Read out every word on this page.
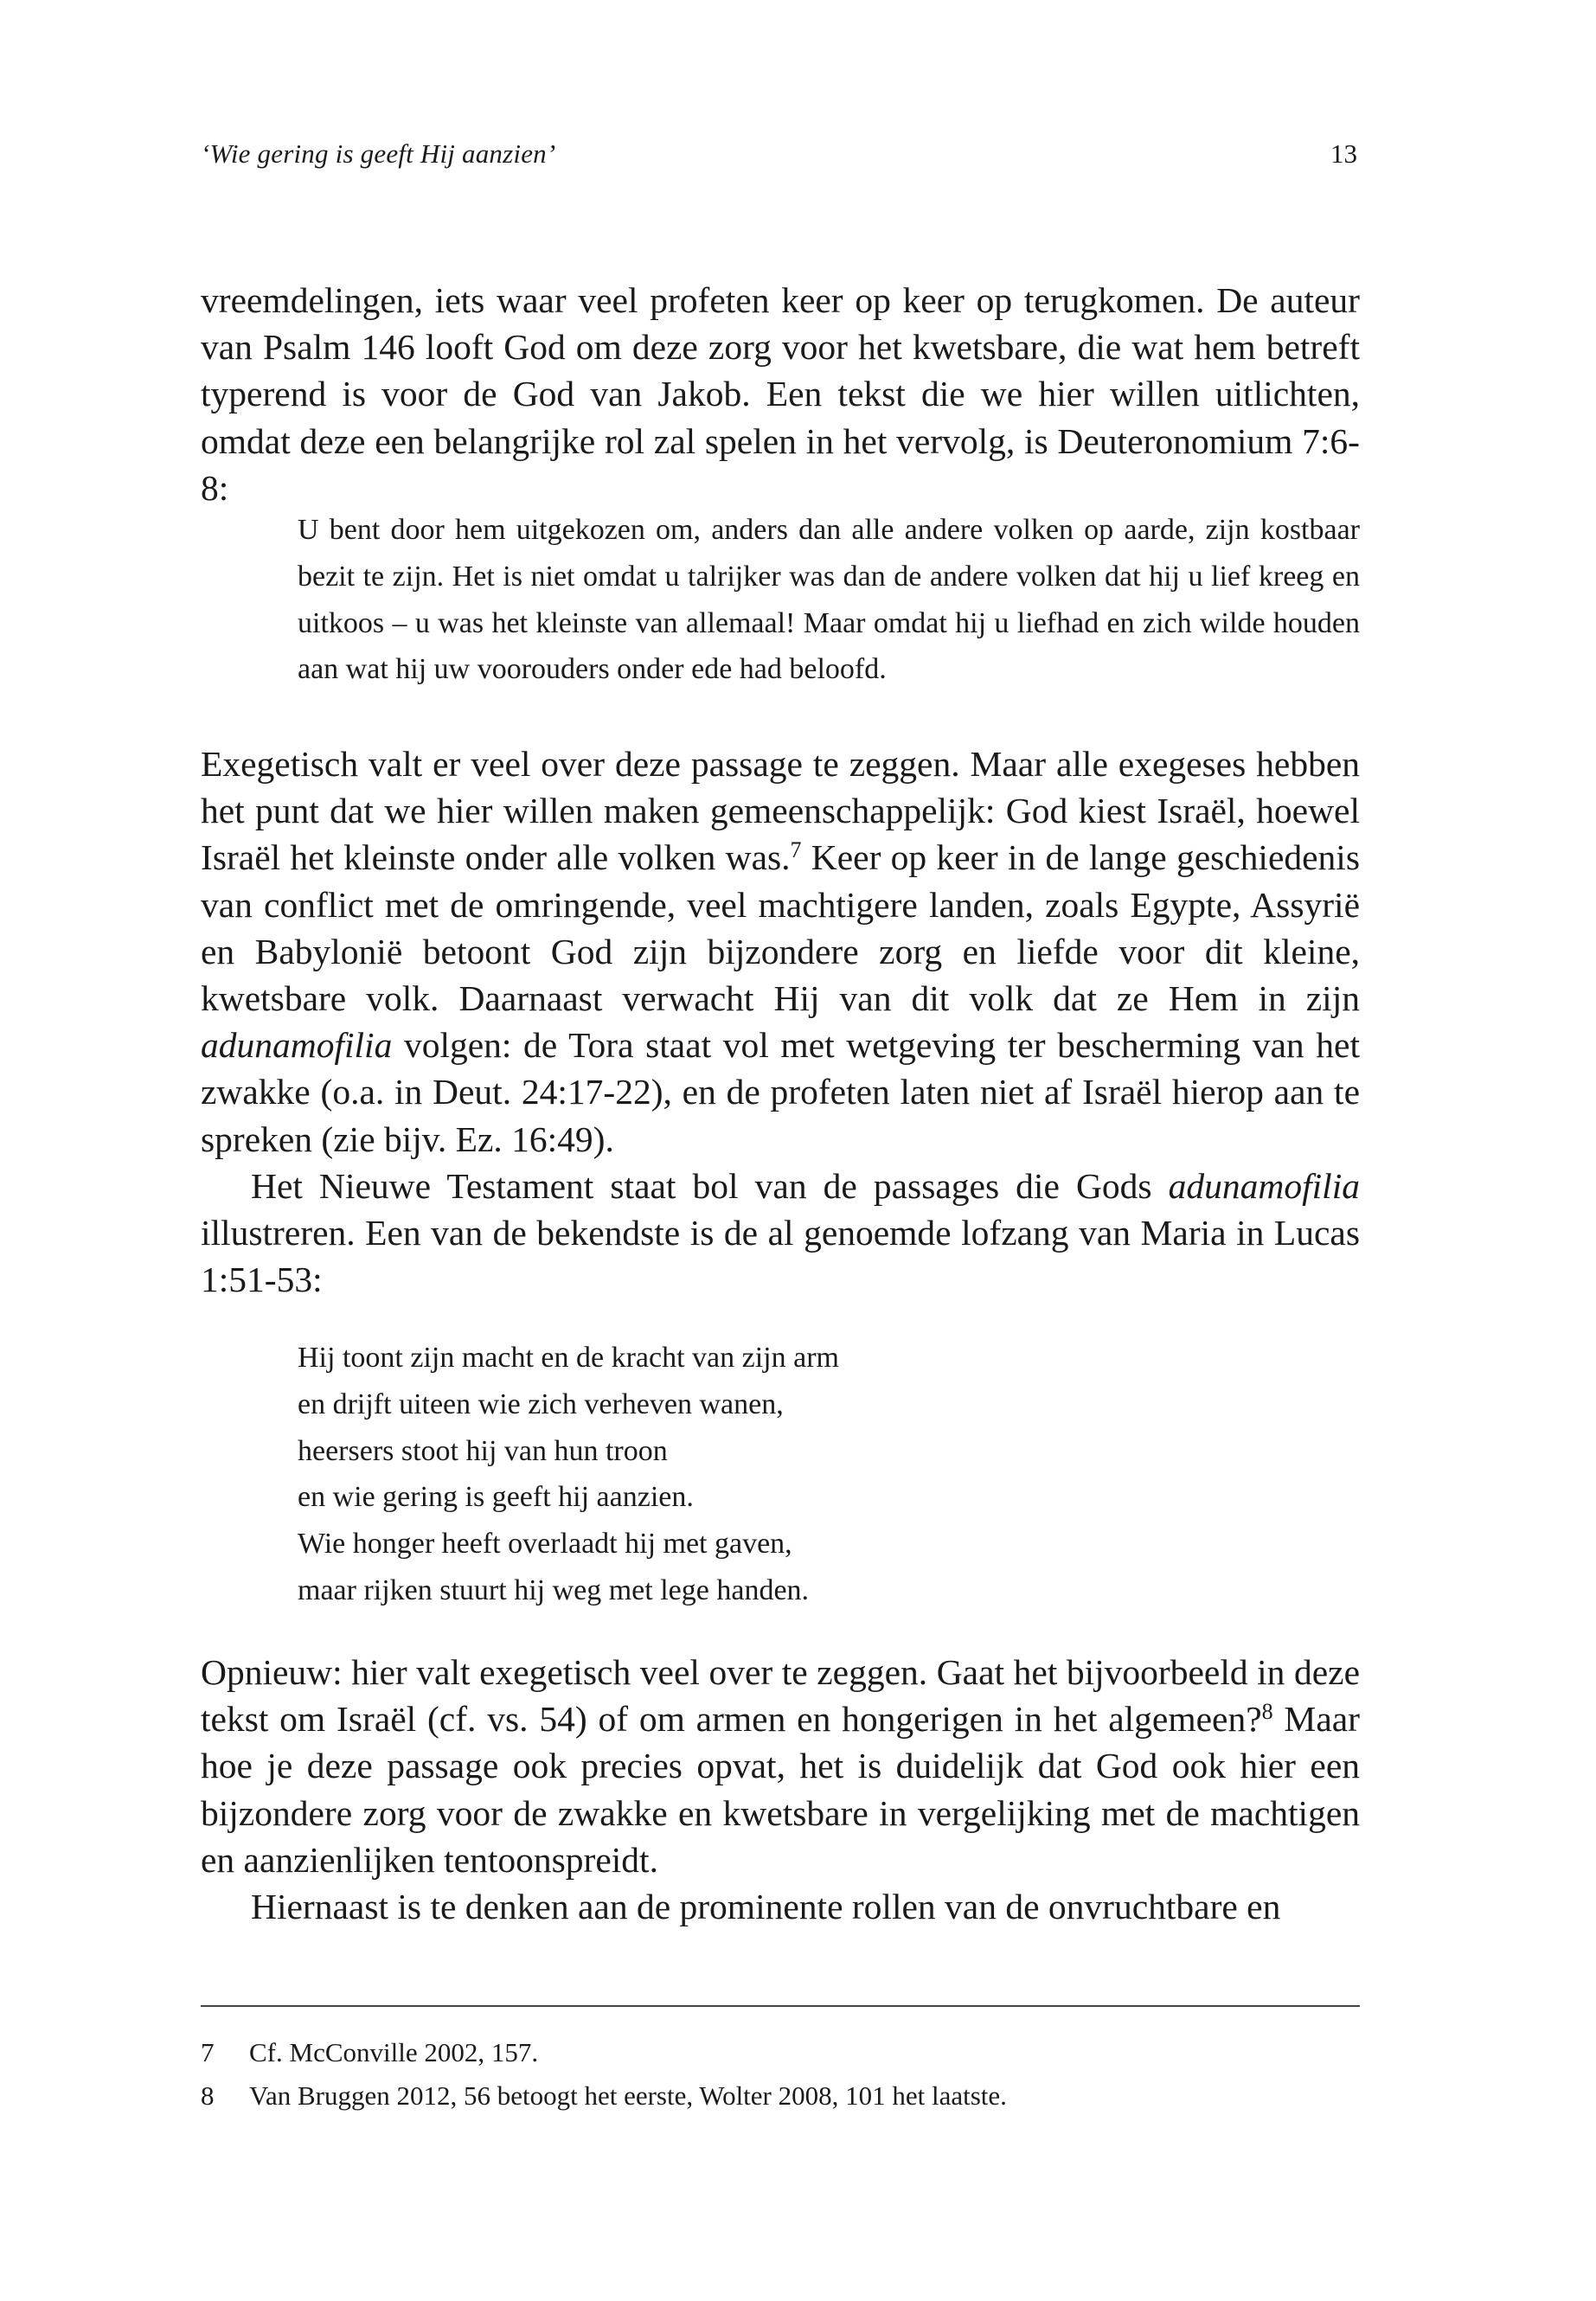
‘Wie gering is geeft Hij aanzien’	13

vreemdelingen, iets waar veel profeten keer op keer op terugkomen. De auteur van Psalm 146 looft God om deze zorg voor het kwetsbare, die wat hem betreft typerend is voor de God van Jakob. Een tekst die we hier willen uitlichten, omdat deze een belangrijke rol zal spelen in het vervolg, is Deuteronomium 7:6-8:

U bent door hem uitgekozen om, anders dan alle andere volken op aarde, zijn kostbaar bezit te zijn. Het is niet omdat u talrijker was dan de andere volken dat hij u lief kreeg en uitkoos – u was het kleinste van allemaal! Maar omdat hij u liefhad en zich wilde houden aan wat hij uw voorouders onder ede had beloofd.

Exegetisch valt er veel over deze passage te zeggen. Maar alle exegeses hebben het punt dat we hier willen maken gemeenschappelijk: God kiest Israël, hoewel Israël het kleinste onder alle volken was.$^7$ Keer op keer in de lange geschiedenis van conflict met de omringende, veel machtigere landen, zoals Egypte, Assyrië en Babylonië betoont God zijn bijzondere zorg en liefde voor dit kleine, kwetsbare volk. Daarnaast verwacht Hij van dit volk dat ze Hem in zijn adunamofilia volgen: de Tora staat vol met wetgeving ter bescherming van het zwakke (o.a. in Deut. 24:17-22), en de profeten laten niet af Israël hierop aan te spreken (zie bijv. Ez. 16:49).

Het Nieuwe Testament staat bol van de passages die Gods adunamofilia illustreren. Een van de bekendste is de al genoemde lofzang van Maria in Lucas 1:51-53:

Hij toont zijn macht en de kracht van zijn arm
en drijft uiteen wie zich verheven wanen,
heersers stoot hij van hun troon
en wie gering is geeft hij aanzien.
Wie honger heeft overlaadt hij met gaven,
maar rijken stuurt hij weg met lege handen.

Opnieuw: hier valt exegetisch veel over te zeggen. Gaat het bijvoorbeeld in deze tekst om Israël (cf. vs. 54) of om armen en hongerigen in het algemeen?$^8$ Maar hoe je deze passage ook precies opvat, het is duidelijk dat God ook hier een bijzondere zorg voor de zwakke en kwetsbare in vergelijking met de machtigen en aanzienlijken tentoonspreidt.

Hiernaast is te denken aan de prominente rollen van de onvruchtbare en

7	Cf. McConville 2002, 157.
8	Van Bruggen 2012, 56 betoogt het eerste, Wolter 2008, 101 het laatste.
